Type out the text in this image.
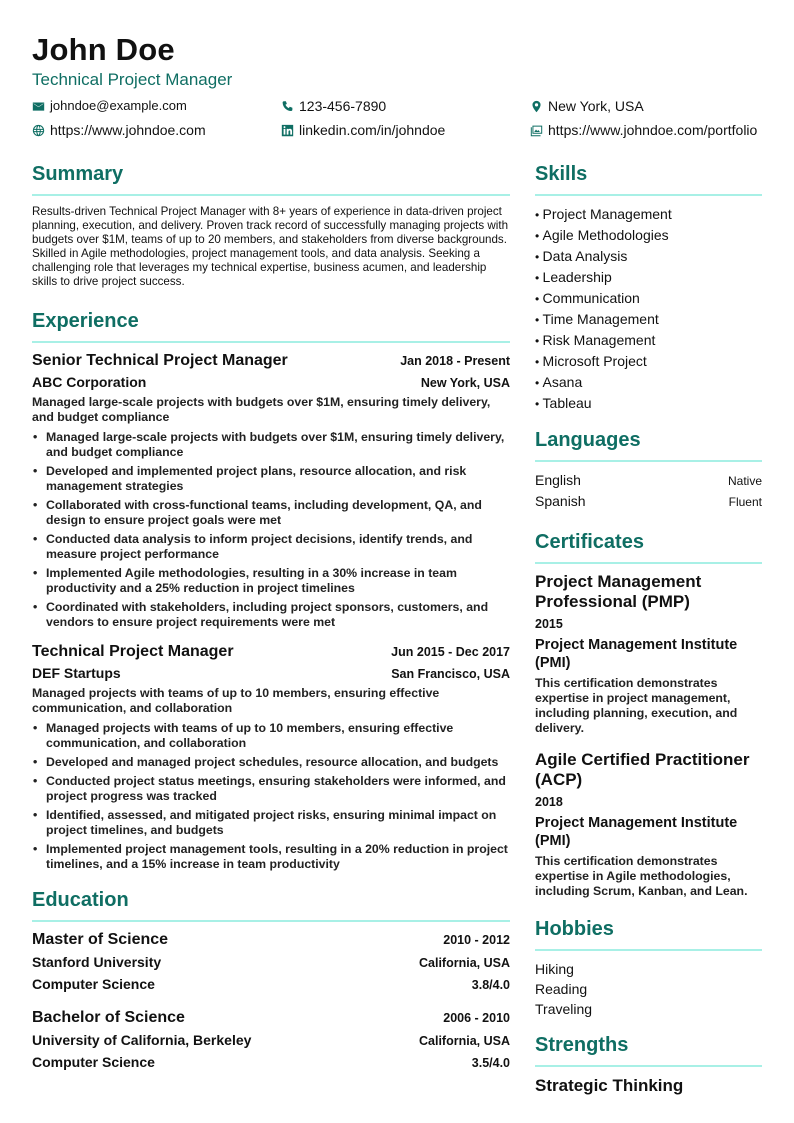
John Doe
Technical Project Manager
johndoe@example.com	123-456-7890	New York, USA
https://www.johndoe.com	linkedin.com/in/johndoe	https://www.johndoe.com/portfolio
Summary

Results-driven Technical Project Manager with 8+ years of experience in data-driven project planning, execution, and delivery. Proven track record of successfully managing projects with budgets over $1M, teams of up to 20 members, and stakeholders from diverse backgrounds. Skilled in Agile methodologies, project management tools, and data analysis. Seeking a challenging role that leverages my technical expertise, business acumen, and leadership skills to drive project success.

Experience
Senior Technical Project Manager	Jan 2018 - Present
ABC Corporation	New York, USA
Managed large-scale projects with budgets over $1M, ensuring timely delivery, and budget compliance
• Managed large-scale projects with budgets over $1M, ensuring timely delivery, and budget compliance
• Developed and implemented project plans, resource allocation, and risk management strategies
• Collaborated with cross-functional teams, including development, QA, and design to ensure project goals were met
• Conducted data analysis to inform project decisions, identify trends, and measure project performance
• Implemented Agile methodologies, resulting in a 30% increase in team productivity and a 25% reduction in project timelines
• Coordinated with stakeholders, including project sponsors, customers, and vendors to ensure project requirements were met
Technical Project Manager	Jun 2015 - Dec 2017
DEF Startups	San Francisco, USA
Managed projects with teams of up to 10 members, ensuring effective communication, and collaboration
• Managed projects with teams of up to 10 members, ensuring effective communication, and collaboration
• Developed and managed project schedules, resource allocation, and budgets
• Conducted project status meetings, ensuring stakeholders were informed, and project progress was tracked
• Identified, assessed, and mitigated project risks, ensuring minimal impact on project timelines, and budgets
• Implemented project management tools, resulting in a 20% reduction in project timelines, and a 15% increase in team productivity
Education
Master of Science	2010 - 2012
Stanford University	California, USA
Computer Science	3.8/4.0
Bachelor of Science	2006 - 2010
University of California, Berkeley	California, USA
Computer Science	3.5/4.0
Skills
• Project Management
• Agile Methodologies
• Data Analysis
• Leadership
• Communication
• Time Management
• Risk Management
• Microsoft Project
• Asana
• Tableau
Languages
English	Native
Spanish	Fluent
Certificates
Project Management Professional (PMP)
2015
Project Management Institute (PMI)
This certification demonstrates expertise in project management, including planning, execution, and delivery.
Agile Certified Practitioner (ACP)
2018
Project Management Institute (PMI)
This certification demonstrates expertise in Agile methodologies, including Scrum, Kanban, and Lean.
Hobbies
Hiking
Reading
Traveling
Strengths
Strategic Thinking
